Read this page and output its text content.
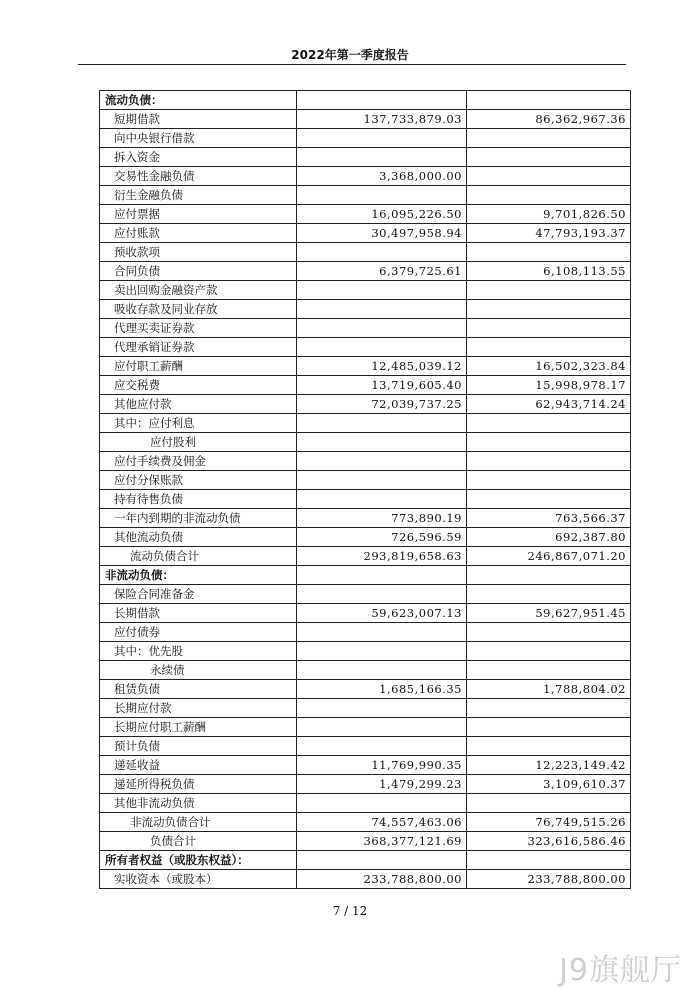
2022年第一季度报告
流动负债：		
短期借款	137,733,879.03	86,362,967.36
向中央银行借款		
拆入资金		
交易性金融负债	3,368,000.00	
衍生金融负债		
应付票据	16,095,226.50	9,701,826.50
应付账款	30,497,958.94	47,793,193.37
预收款项		
合同负债	6,379,725.61	6,108,113.55
卖出回购金融资产款		
吸收存款及同业存放		
代理买卖证券款		
代理承销证券款		
应付职工薪酬	12,485,039.12	16,502,323.84
应交税费	13,719,605.40	15,998,978.17
其他应付款	72,039,737.25	62,943,714.24
其中：应付利息		
应付股利		
应付手续费及佣金		
应付分保账款		
持有待售负债		
一年内到期的非流动负债	773,890.19	763,566.37
其他流动负债	726,596.59	692,387.80
流动负债合计	293,819,658.63	246,867,071.20
非流动负债：		
保险合同准备金		
长期借款	59,623,007.13	59,627,951.45
应付债券		
其中：优先股		
永续债		
租赁负债	1,685,166.35	1,788,804.02
长期应付款		
长期应付职工薪酬		
预计负债		
递延收益	11,769,990.35	12,223,149.42
递延所得税负债	1,479,299.23	3,109,610.37
其他非流动负债		
非流动负债合计	74,557,463.06	76,749,515.26
负债合计	368,377,121.69	323,616,586.46
所有者权益（或股东权益）：		
实收资本（或股本）	233,788,800.00	233,788,800.00
7 / 12
J9旗舰厅
